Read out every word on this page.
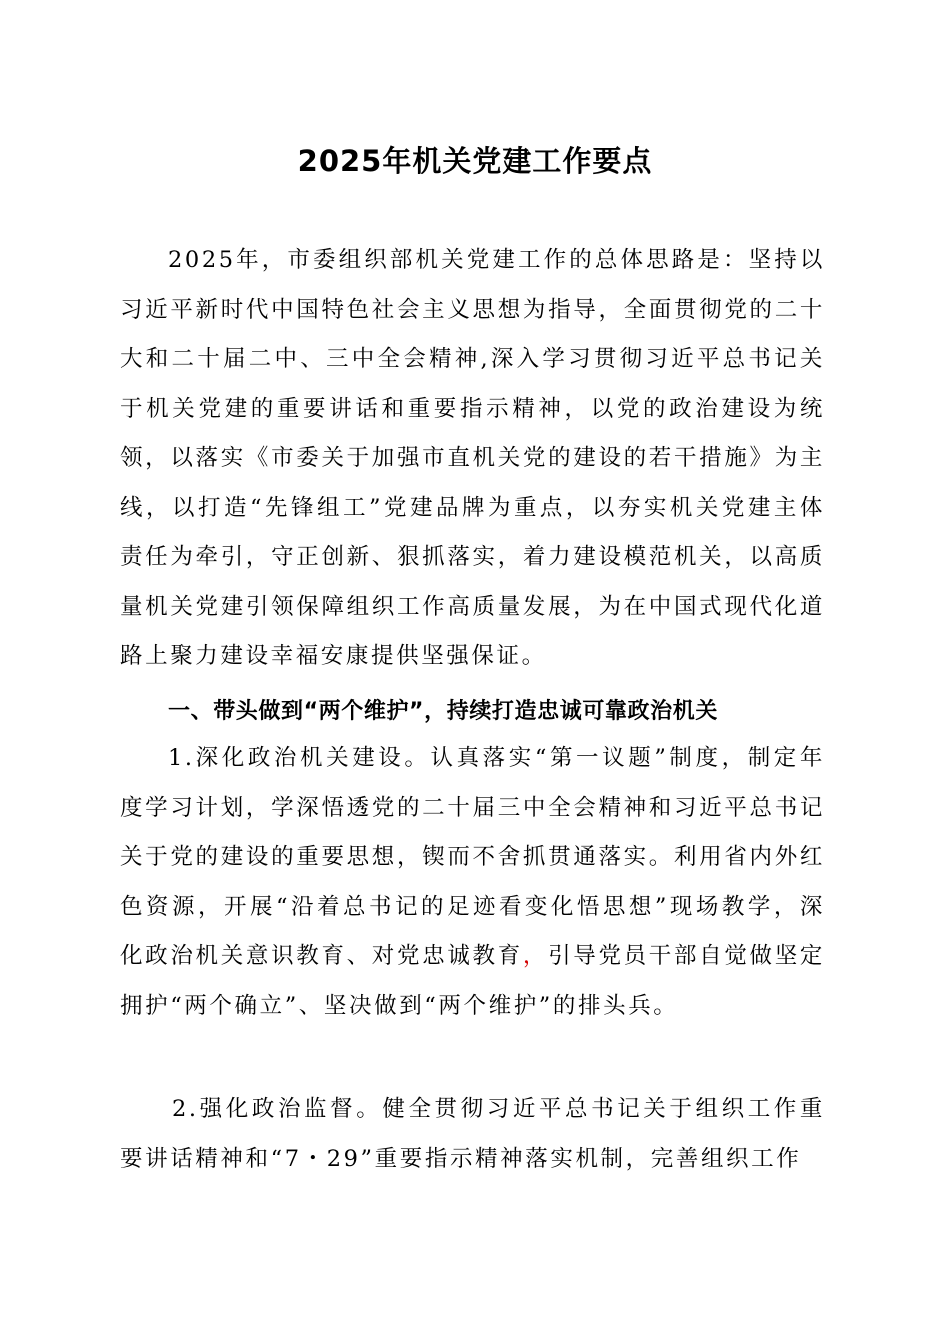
2025年机关党建工作要点

2025年，市委组织部机关党建工作的总体思路是：坚持以习近平新时代中国特色社会主义思想为指导，全面贯彻党的二十大和二十届二中、三中全会精神,深入学习贯彻习近平总书记关于机关党建的重要讲话和重要指示精神，以党的政治建设为统领，以落实《市委关于加强市直机关党的建设的若干措施》为主线，以打造“先锋组工”党建品牌为重点，以夯实机关党建主体责任为牵引，守正创新、狠抓落实，着力建设模范机关，以高质量机关党建引领保障组织工作高质量发展，为在中国式现代化道路上聚力建设幸福安康提供坚强保证。

一、带头做到“两个维护”，持续打造忠诚可靠政治机关

1.深化政治机关建设。认真落实“第一议题”制度，制定年度学习计划，学深悟透党的二十届三中全会精神和习近平总书记关于党的建设的重要思想，锲而不舍抓贯通落实。利用省内外红色资源，开展“沿着总书记的足迹看变化悟思想”现场教学，深化政治机关意识教育、对党忠诚教育，引导党员干部自觉做坚定拥护“两个确立”、坚决做到“两个维护”的排头兵。

2.强化政治监督。健全贯彻习近平总书记关于组织工作重要讲话精神和“7・29”重要指示精神落实机制，完善组织工作
